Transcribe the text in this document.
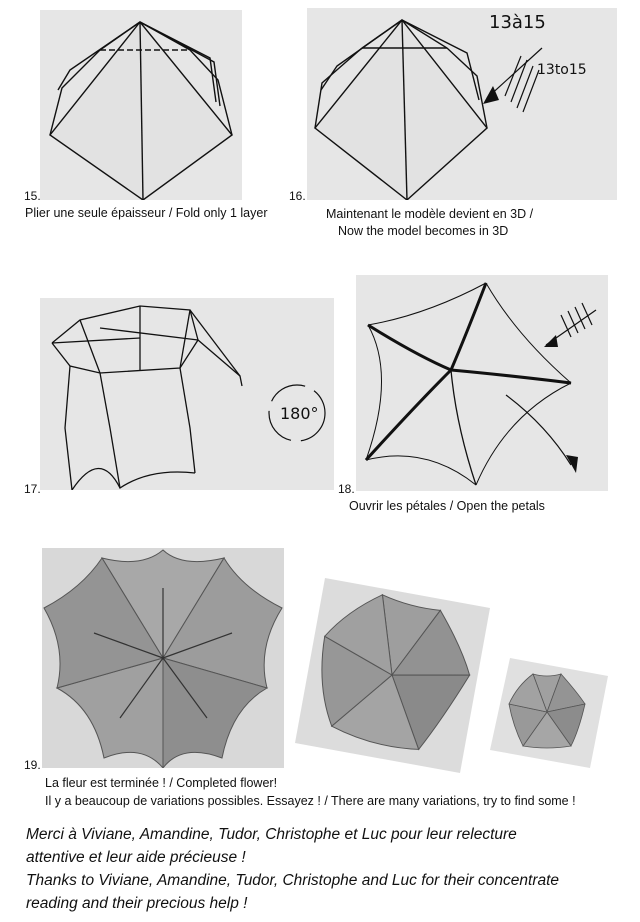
15.
Plier une seule épaisseur / Fold only 1 layer
13à15
13to15
16.
Maintenant le modèle devient en 3D /
Now the model becomes in 3D
180°
17.	18.
Ouvrir les pétales / Open the petals
19.
La fleur est terminée ! / Completed flower!
Il y a beaucoup de variations possibles. Essayez ! / There are many variations, try to find some !
Merci à Viviane, Amandine, Tudor, Christophe et Luc pour leur relecture
attentive et leur aide précieuse !
Thanks to Viviane, Amandine, Tudor, Christophe and Luc for their concentrate
reading and their precious help !
